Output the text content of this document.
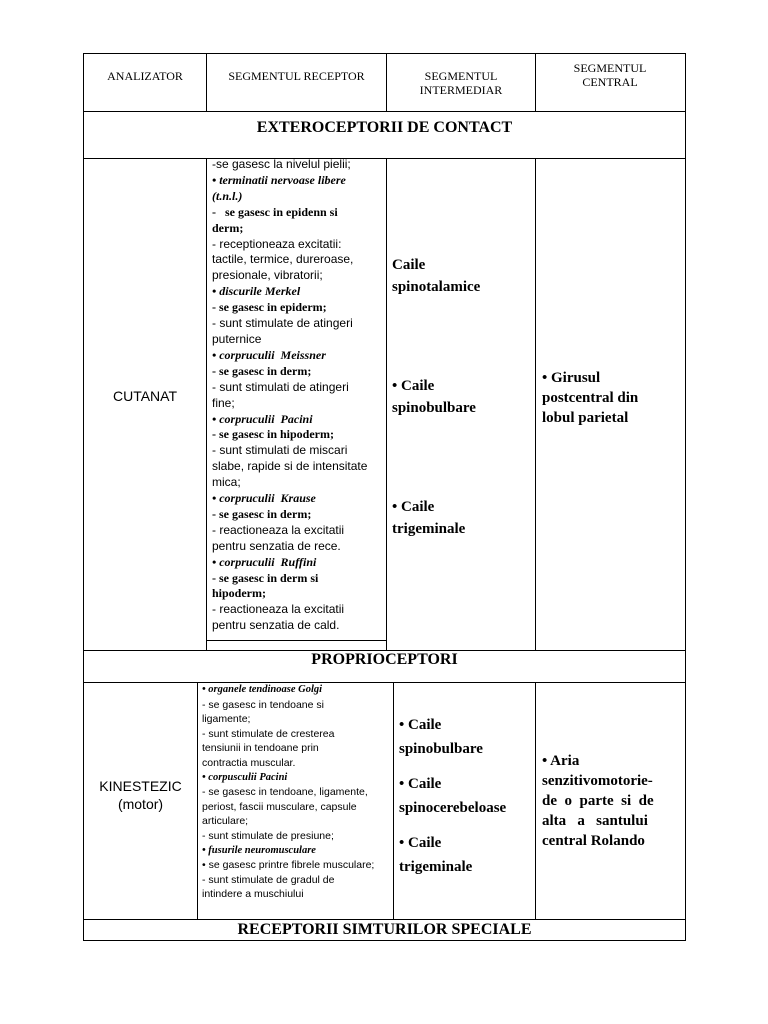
ANALIZATOR	SEGMENTUL RECEPTOR	SEGMENTUL INTERMEDIAR
SEGMENTUL CENTRAL
EXTEROCEPTORII DE CONTACT
CUTANAT
-se gasesc la nivelul pielii;
• terminatii nervoase libere
(t.n.l.)
-   se gasesc in epidenn si
derm;
- receptioneaza excitatii:
tactile, termice, dureroase,
presionale, vibratorii;
• discurile Merkel
- se gasesc in epiderm;
- sunt stimulate de atingeri
puternice
• corpruculii  Meissner
- se gasesc in derm;
- sunt stimulati de atingeri
fine;
• corpruculii  Pacini
- se gasesc in hipoderm;
- sunt stimulati de miscari
slabe, rapide si de intensitate
mica;
• corpruculii  Krause
- se gasesc in derm;
- reactioneaza la excitatii
pentru senzatia de rece.
• corpruculii  Ruffini
- se gasesc in derm si
hipoderm;
- reactioneaza la excitatii
pentru senzatia de cald.
Caile
spinotalamice
• Caile
spinobulbare
• Caile
trigeminale
• Girusul
postcentral din
lobul parietal
PROPRIOCEPTORI
KINESTEZIC
(motor)
• organele tendinoase Golgi
- se gasesc in tendoane si
ligamente;
- sunt stimulate de cresterea
tensiunii in tendoane prin
contractia muscular.
• corpusculii Pacini
- se gasesc in tendoane, ligamente,
periost, fascii musculare, capsule
articulare;
- sunt stimulate de presiune;
• fusurile neuromusculare
• se gasesc printre fibrele musculare;
- sunt stimulate de gradul de
intindere a muschiului
• Caile
spinobulbare
• Caile
spinocerebeloase
• Caile
trigeminale
• Aria
senzitivomotorie-
de  o  parte  si  de
alta   a   santului
central Rolando
RECEPTORII SIMTURILOR SPECIALE
